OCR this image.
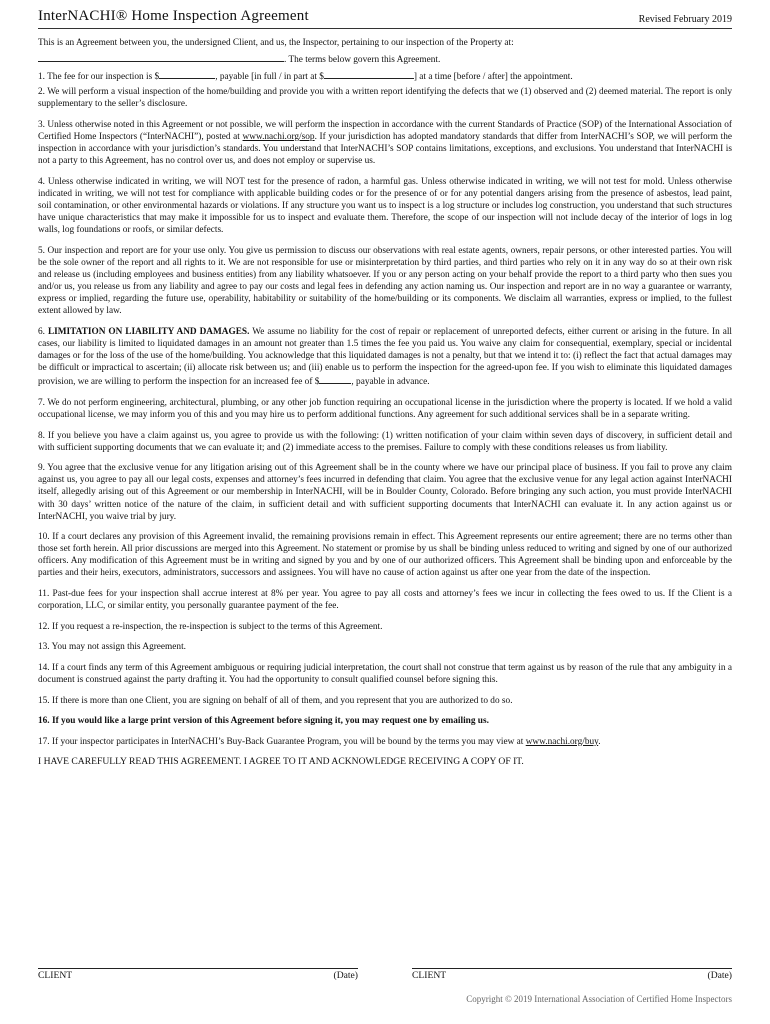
InterNACHI® Home Inspection Agreement	Revised February 2019

This is an Agreement between you, the undersigned Client, and us, the Inspector, pertaining to our inspection of the Property at:

. The terms below govern this Agreement.

1. The fee for our inspection is $	, payable [in full / in part at $	] at a time [before / after] the appointment.

2. We will perform a visual inspection of the home/building and provide you with a written report identifying the defects that we (1) observed and (2) deemed material. The report is only supplementary to the seller’s disclosure.

3. Unless otherwise noted in this Agreement or not possible, we will perform the inspection in accordance with the current Standards of Practice (SOP) of the International Association of Certified Home Inspectors (“InterNACHI”), posted at www.nachi.org/sop. If your jurisdiction has adopted mandatory standards that differ from InterNACHI’s SOP, we will perform the inspection in accordance with your jurisdiction’s standards. You understand that InterNACHI’s SOP contains limitations, exceptions, and exclusions. You understand that InterNACHI is not a party to this Agreement, has no control over us, and does not employ or supervise us.

4. Unless otherwise indicated in writing, we will NOT test for the presence of radon, a harmful gas. Unless otherwise indicated in writing, we will not test for mold. Unless otherwise indicated in writing, we will not test for compliance with applicable building codes or for the presence of or for any potential dangers arising from the presence of asbestos, lead paint, soil contamination, or other environmental hazards or violations. If any structure you want us to inspect is a log structure or includes log construction, you understand that such structures have unique characteristics that may make it impossible for us to inspect and evaluate them. Therefore, the scope of our inspection will not include decay of the interior of logs in log walls, log foundations or roofs, or similar defects.

5. Our inspection and report are for your use only. You give us permission to discuss our observations with real estate agents, owners, repair persons, or other interested parties. You will be the sole owner of the report and all rights to it. We are not responsible for use or misinterpretation by third parties, and third parties who rely on it in any way do so at their own risk and release us (including employees and business entities) from any liability whatsoever. If you or any person acting on your behalf provide the report to a third party who then sues you and/or us, you release us from any liability and agree to pay our costs and legal fees in defending any action naming us. Our inspection and report are in no way a guarantee or warranty, express or implied, regarding the future use, operability, habitability or suitability of the home/building or its components. We disclaim all warranties, express or implied, to the fullest extent allowed by law.

6. LIMITATION ON LIABILITY AND DAMAGES. We assume no liability for the cost of repair or replacement of unreported defects, either current or arising in the future. In all cases, our liability is limited to liquidated damages in an amount not greater than 1.5 times the fee you paid us. You waive any claim for consequential, exemplary, special or incidental damages or for the loss of the use of the home/building. You acknowledge that this liquidated damages is not a penalty, but that we intend it to: (i) reflect the fact that actual damages may be difficult or impractical to ascertain; (ii) allocate risk between us; and (iii) enable us to perform the inspection for the agreed-upon fee. If you wish to eliminate this liquidated damages provision, we are willing to perform the inspection for an increased fee of $	, payable in advance.

7. We do not perform engineering, architectural, plumbing, or any other job function requiring an occupational license in the jurisdiction where the property is located. If we hold a valid occupational license, we may inform you of this and you may hire us to perform additional functions. Any agreement for such additional services shall be in a separate writing.

8. If you believe you have a claim against us, you agree to provide us with the following: (1) written notification of your claim within seven days of discovery, in sufficient detail and with sufficient supporting documents that we can evaluate it; and (2) immediate access to the premises. Failure to comply with these conditions releases us from liability.

9. You agree that the exclusive venue for any litigation arising out of this Agreement shall be in the county where we have our principal place of business. If you fail to prove any claim against us, you agree to pay all our legal costs, expenses and attorney’s fees incurred in defending that claim. You agree that the exclusive venue for any legal action against InterNACHI itself, allegedly arising out of this Agreement or our membership in InterNACHI, will be in Boulder County, Colorado. Before bringing any such action, you must provide InterNACHI with 30 days’ written notice of the nature of the claim, in sufficient detail and with sufficient supporting documents that InterNACHI can evaluate it. In any action against us or InterNACHI, you waive trial by jury.

10. If a court declares any provision of this Agreement invalid, the remaining provisions remain in effect. This Agreement represents our entire agreement; there are no terms other than those set forth herein. All prior discussions are merged into this Agreement. No statement or promise by us shall be binding unless reduced to writing and signed by one of our authorized officers. Any modification of this Agreement must be in writing and signed by you and by one of our authorized officers. This Agreement shall be binding upon and enforceable by the parties and their heirs, executors, administrators, successors and assignees. You will have no cause of action against us after one year from the date of the inspection.

11. Past-due fees for your inspection shall accrue interest at 8% per year. You agree to pay all costs and attorney’s fees we incur in collecting the fees owed to us. If the Client is a corporation, LLC, or similar entity, you personally guarantee payment of the fee.

12. If you request a re-inspection, the re-inspection is subject to the terms of this Agreement.

13. You may not assign this Agreement.

14. If a court finds any term of this Agreement ambiguous or requiring judicial interpretation, the court shall not construe that term against us by reason of the rule that any ambiguity in a document is construed against the party drafting it. You had the opportunity to consult qualified counsel before signing this.

15. If there is more than one Client, you are signing on behalf of all of them, and you represent that you are authorized to do so.

16. If you would like a large print version of this Agreement before signing it, you may request one by emailing us.

17. If your inspector participates in InterNACHI’s Buy-Back Guarantee Program, you will be bound by the terms you may view at www.nachi.org/buy.

I HAVE CAREFULLY READ THIS AGREEMENT. I AGREE TO IT AND ACKNOWLEDGE RECEIVING A COPY OF IT.

CLIENT	(Date)	CLIENT	(Date)
Copyright © 2019 International Association of Certified Home Inspectors
